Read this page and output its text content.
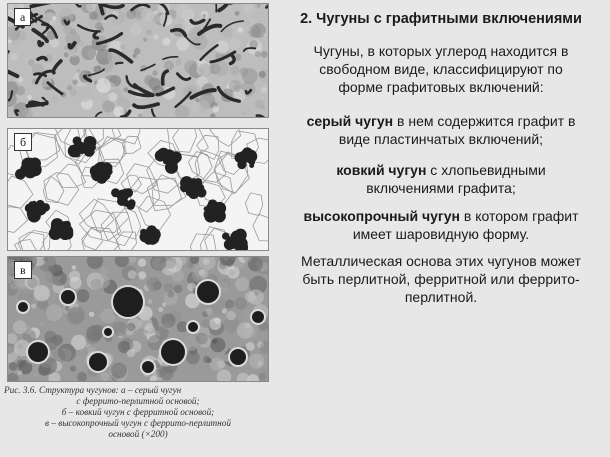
а
б
в
Рис. 3.6. Структура чугунов: а – серый чугун
с феррито-перлитной основой;
б – ковкий чугун с ферритной основой;
в – высокопрочный чугун с феррито-перлитной
основой (×200)
2. Чугуны с графитными включениями
Чугуны, в которых углерод находится в
свободном виде, классифицируют по
форме графитовых включений:
серый чугун в нем содержится графит в
виде пластинчатых включений;
ковкий чугун с хлопьевидными
включениями графита;
высокопрочный чугун в котором графит
имеет шаровидную форму.
Металлическая основа этих чугунов может
быть перлитной, ферритной или феррито-
перлитной.
